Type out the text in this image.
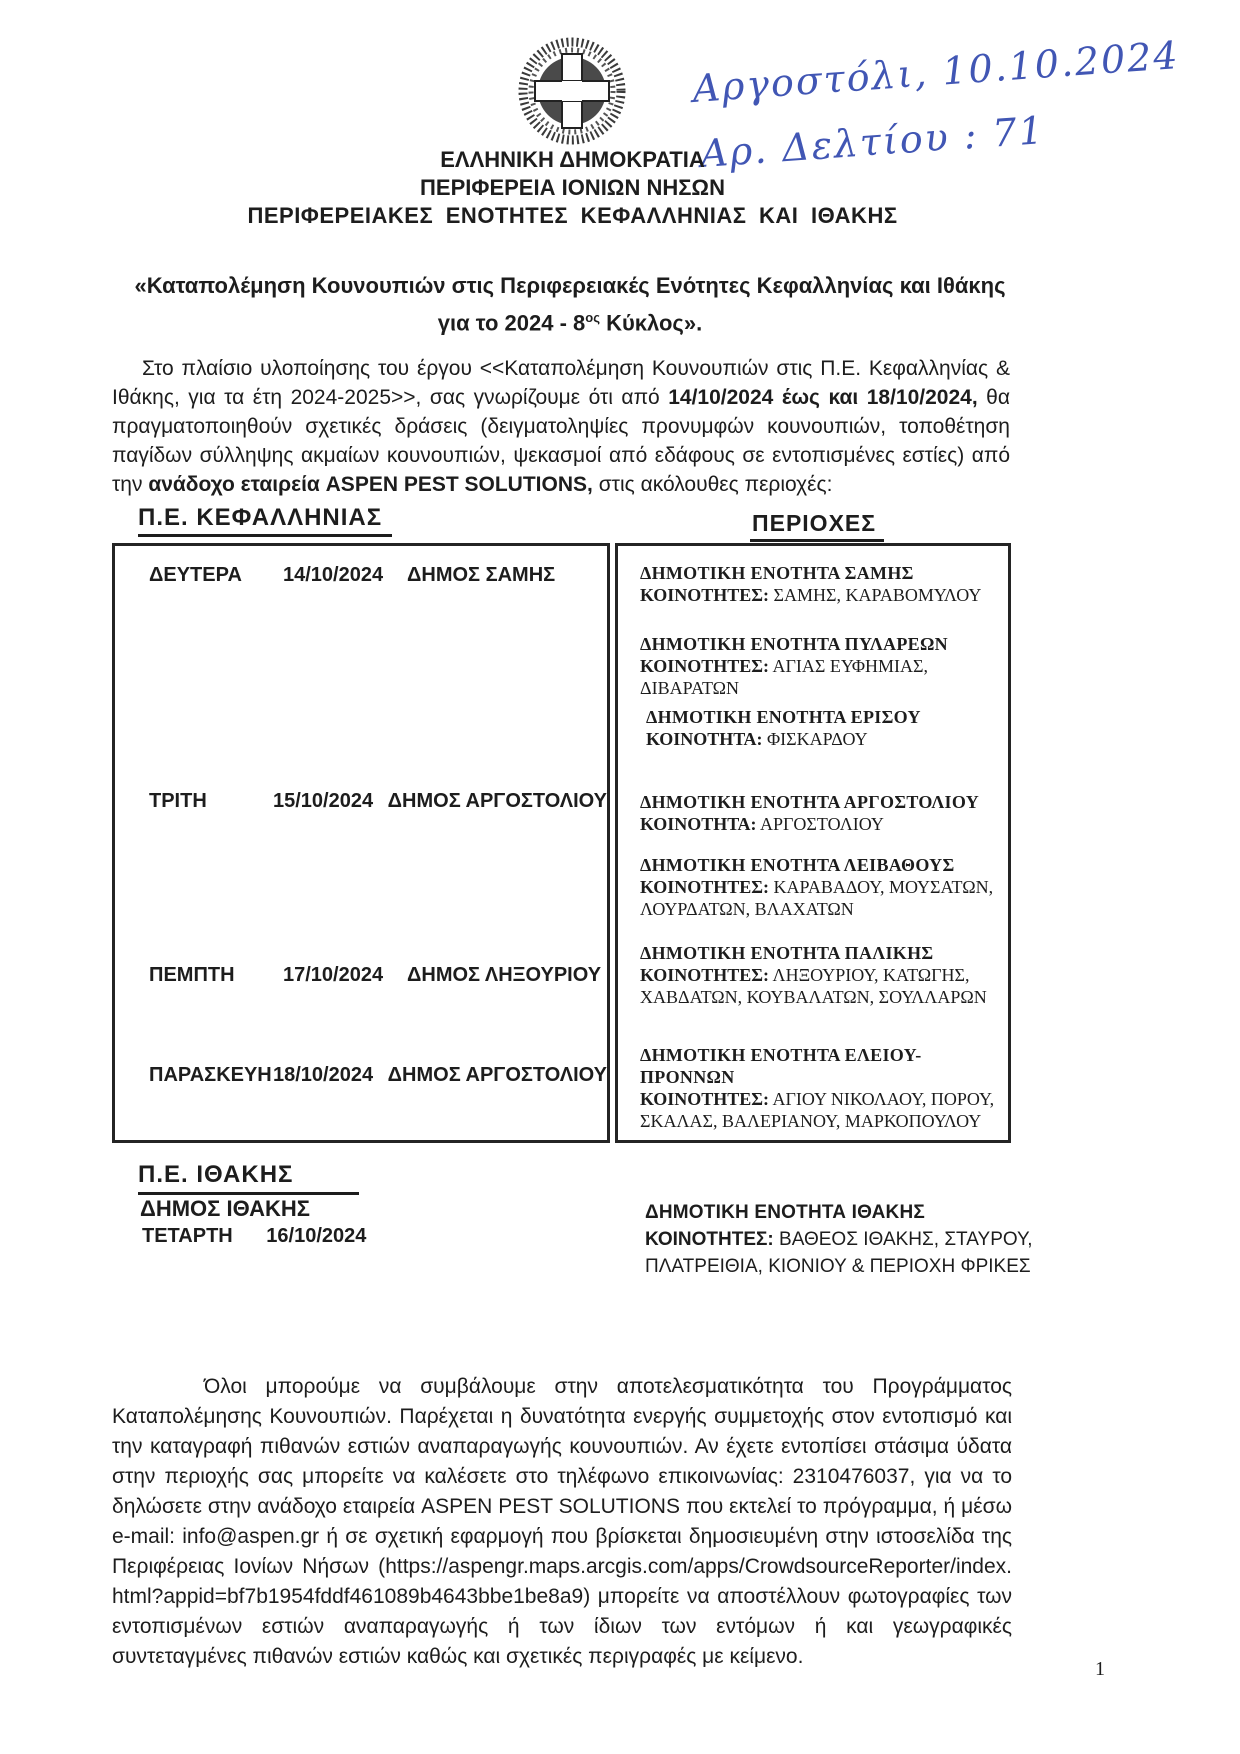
Αργοστόλι, 10.10.2024
Αρ. Δελτίου : 71
ΕΛΛΗΝΙΚΗ ΔΗΜΟΚΡΑΤΙΑ
ΠΕΡΙΦΕΡΕΙΑ ΙΟΝΙΩΝ ΝΗΣΩΝ
ΠΕΡΙΦΕΡΕΙΑΚΕΣ ΕΝΟΤΗΤΕΣ ΚΕΦΑΛΛΗΝΙΑΣ ΚΑΙ ΙΘΑΚΗΣ
«Καταπολέμηση Κουνουπιών στις Περιφερειακές Ενότητες Κεφαλληνίας και Ιθάκης
για το $2024 - 8^{o\varsigma}$ Κύκλος».

Στο πλαίσιο υλοποίησης του έργου <<Καταπολέμηση Κουνουπιών στις Π.Ε. Κεφαλληνίας & Ιθάκης, για τα έτη 2024-2025>>, σας γνωρίζουμε ότι από 14/10/2024 έως και 18/10/2024, θα πραγματοποιηθούν σχετικές δράσεις (δειγματοληψίες προνυμφών κουνουπιών, τοποθέτηση παγίδων σύλληψης ακμαίων κουνουπιών, ψεκασμοί από εδάφους σε εντοπισμένες εστίες) από την ανάδοχο εταιρεία ASPEN PEST SOLUTIONS, στις ακόλουθες περιοχές:

Π.Ε. ΚΕΦΑΛΛΗΝΙΑΣ	ΠΕΡΙΟΧΕΣ
ΔΕΥΤΕΡΑ	14/10/2024	ΔΗΜΟΣ ΣΑΜΗΣ
ΤΡΙΤΗ	15/10/2024 ΔΗΜΟΣ ΑΡΓΟΣΤΟΛΙΟΥ
ΠΕΜΠΤΗ	17/10/2024	ΔΗΜΟΣ ΛΗΞΟΥΡΙΟΥ
ΠΑΡΑΣΚΕΥΗ 18/10/2024 ΔΗΜΟΣ ΑΡΓΟΣΤΟΛΙΟΥ
ΔΗΜΟΤΙΚΗ ΕΝΟΤΗΤΑ ΣΑΜΗΣ
ΚΟΙΝΟΤΗΤΕΣ: ΣΑΜΗΣ, ΚΑΡΑΒΟΜΥΛΟΥ
ΔΗΜΟΤΙΚΗ ΕΝΟΤΗΤΑ ΠΥΛΑΡΕΩΝ
ΚΟΙΝΟΤΗΤΕΣ: ΑΓΙΑΣ ΕΥΦΗΜΙΑΣ, ΔΙΒΑΡΑΤΩΝ
ΔΗΜΟΤΙΚΗ ΕΝΟΤΗΤΑ ΕΡΙΣΟΥ
ΚΟΙΝΟΤΗΤΑ: ΦΙΣΚΑΡΔΟΥ
ΔΗΜΟΤΙΚΗ ΕΝΟΤΗΤΑ ΑΡΓΟΣΤΟΛΙΟΥ
ΚΟΙΝΟΤΗΤΑ: ΑΡΓΟΣΤΟΛΙΟΥ
ΔΗΜΟΤΙΚΗ ΕΝΟΤΗΤΑ ΛΕΙΒΑΘΟΥΣ
ΚΟΙΝΟΤΗΤΕΣ: ΚΑΡΑΒΑΔΟΥ, ΜΟΥΣΑΤΩΝ, ΛΟΥΡΔΑΤΩΝ, ΒΛΑΧΑΤΩΝ
ΔΗΜΟΤΙΚΗ ΕΝΟΤΗΤΑ ΠΑΛΙΚΗΣ
ΚΟΙΝΟΤΗΤΕΣ: ΛΗΞΟΥΡΙΟΥ, ΚΑΤΩΓΗΣ, ΧΑΒΔΑΤΩΝ, ΚΟΥΒΑΛΑΤΩΝ, ΣΟΥΛΛΑΡΩΝ
ΔΗΜΟΤΙΚΗ ΕΝΟΤΗΤΑ ΕΛΕΙΟΥ-ΠΡΟΝΝΩΝ
ΚΟΙΝΟΤΗΤΕΣ: ΑΓΙΟΥ ΝΙΚΟΛΑΟΥ, ΠΟΡΟΥ, ΣΚΑΛΑΣ, ΒΑΛΕΡΙΑΝΟΥ, ΜΑΡΚΟΠΟΥΛΟΥ
Π.Ε. ΙΘΑΚΗΣ
ΔΗΜΟΣ ΙΘΑΚΗΣ
ΤΕΤΑΡΤΗ 16/10/2024
ΔΗΜΟΤΙΚΗ ΕΝΟΤΗΤΑ ΙΘΑΚΗΣ
ΚΟΙΝΟΤΗΤΕΣ: ΒΑΘΕΟΣ ΙΘΑΚΗΣ, ΣΤΑΥΡΟΥ, ΠΛΑΤΡΕΙΘΙΑ, ΚΙΟΝΙΟΥ & ΠΕΡΙΟΧΗ ΦΡΙΚΕΣ

Όλοι μπορούμε να συμβάλουμε στην αποτελεσματικότητα του Προγράμματος Καταπολέμησης Κουνουπιών. Παρέχεται η δυνατότητα ενεργής συμμετοχής στον εντοπισμό και την καταγραφή πιθανών εστιών αναπαραγωγής κουνουπιών. Αν έχετε εντοπίσει στάσιμα ύδατα στην περιοχής σας μπορείτε να καλέσετε στο τηλέφωνο επικοινωνίας: 2310476037, για να το δηλώσετε στην ανάδοχο εταιρεία ASPEN PEST SOLUTIONS που εκτελεί το πρόγραμμα, ή μέσω e-mail: info@aspen.gr ή σε σχετική εφαρμογή που βρίσκεται δημοσιευμένη στην ιστοσελίδα της Περιφέρειας Ιονίων Νήσων (https://aspengr.maps.arcgis.com/apps/CrowdsourceReporter/index.html?appid=bf7b1954fddf461089b4643bbe1be8a9) μπορείτε να αποστέλλουν φωτογραφίες των εντοπισμένων εστιών αναπαραγωγής ή των ίδιων των εντόμων ή και γεωγραφικές συντεταγμένες πιθανών εστιών καθώς και σχετικές περιγραφές με κείμενο.

1
